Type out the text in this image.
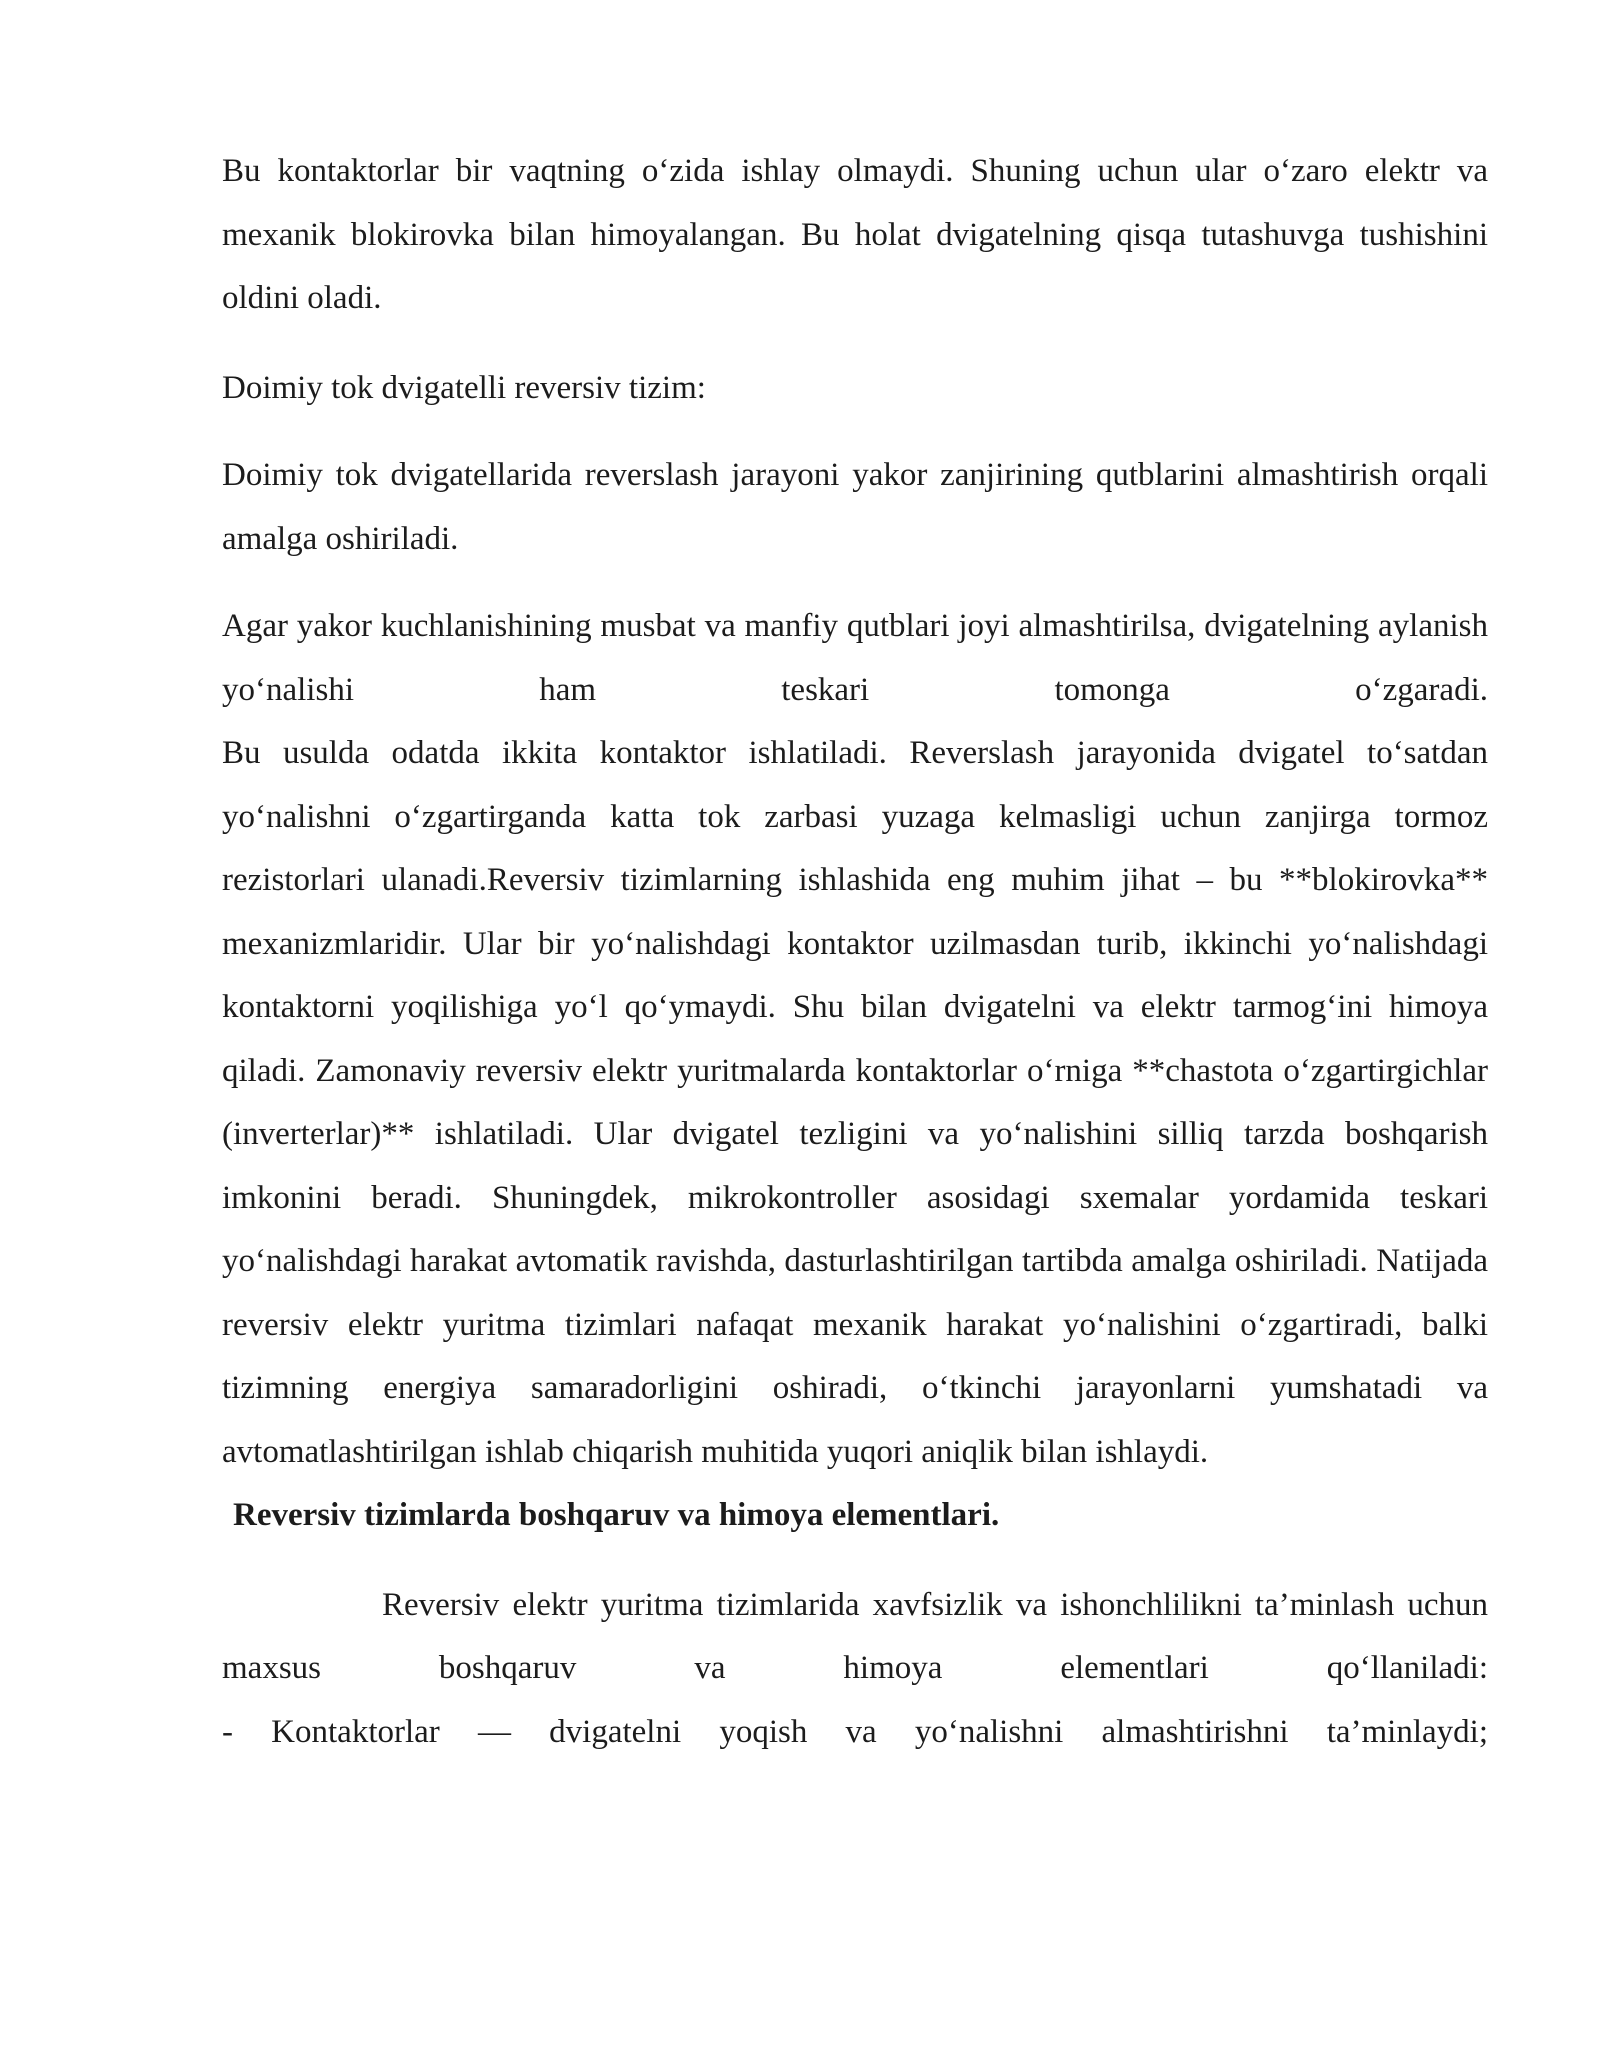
Bu kontaktorlar bir vaqtning o‘zida ishlay olmaydi. Shuning uchun ular o‘zaro elektr va mexanik blokirovka bilan himoyalangan. Bu holat dvigatelning qisqa tutashuvga tushishini oldini oladi.

Doimiy tok dvigatelli reversiv tizim:

Doimiy tok dvigatellarida reverslash jarayoni yakor zanjirining qutblarini almashtirish orqali amalga oshiriladi.

Agar yakor kuchlanishining musbat va manfiy qutblari joyi almashtirilsa, dvigatelning aylanish yo‘nalishi ham teskari tomonga o‘zgaradi.

Bu usulda odatda ikkita kontaktor ishlatiladi. Reverslash jarayonida dvigatel to‘satdan yo‘nalishni o‘zgartirganda katta tok zarbasi yuzaga kelmasligi uchun zanjirga tormoz rezistorlari ulanadi.Reversiv tizimlarning ishlashida eng muhim jihat – bu **blokirovka** mexanizmlaridir. Ular bir yo‘nalishdagi kontaktor uzilmasdan turib, ikkinchi yo‘nalishdagi kontaktorni yoqilishiga yo‘l qo‘ymaydi. Shu bilan dvigatelni va elektr tarmog‘ini himoya qiladi. Zamonaviy reversiv elektr yuritmalarda kontaktorlar o‘rniga **chastota o‘zgartirgichlar (inverterlar)** ishlatiladi. Ular dvigatel tezligini va yo‘nalishini silliq tarzda boshqarish imkonini beradi. Shuningdek, mikrokontroller asosidagi sxemalar yordamida teskari yo‘nalishdagi harakat avtomatik ravishda, dasturlashtirilgan tartibda amalga oshiriladi. Natijada reversiv elektr yuritma tizimlari nafaqat mexanik harakat yo‘nalishini o‘zgartiradi, balki tizimning energiya samaradorligini oshiradi, o‘tkinchi jarayonlarni yumshatadi va avtomatlashtirilgan ishlab chiqarish muhitida yuqori aniqlik bilan ishlaydi.

Reversiv tizimlarda boshqaruv va himoya elementlari.

Reversiv elektr yuritma tizimlarida xavfsizlik va ishonchlilikni ta’minlash uchun maxsus boshqaruv va himoya elementlari qo‘llaniladi:

- Kontaktorlar — dvigatelni yoqish va yo‘nalishni almashtirishni ta’minlaydi;
